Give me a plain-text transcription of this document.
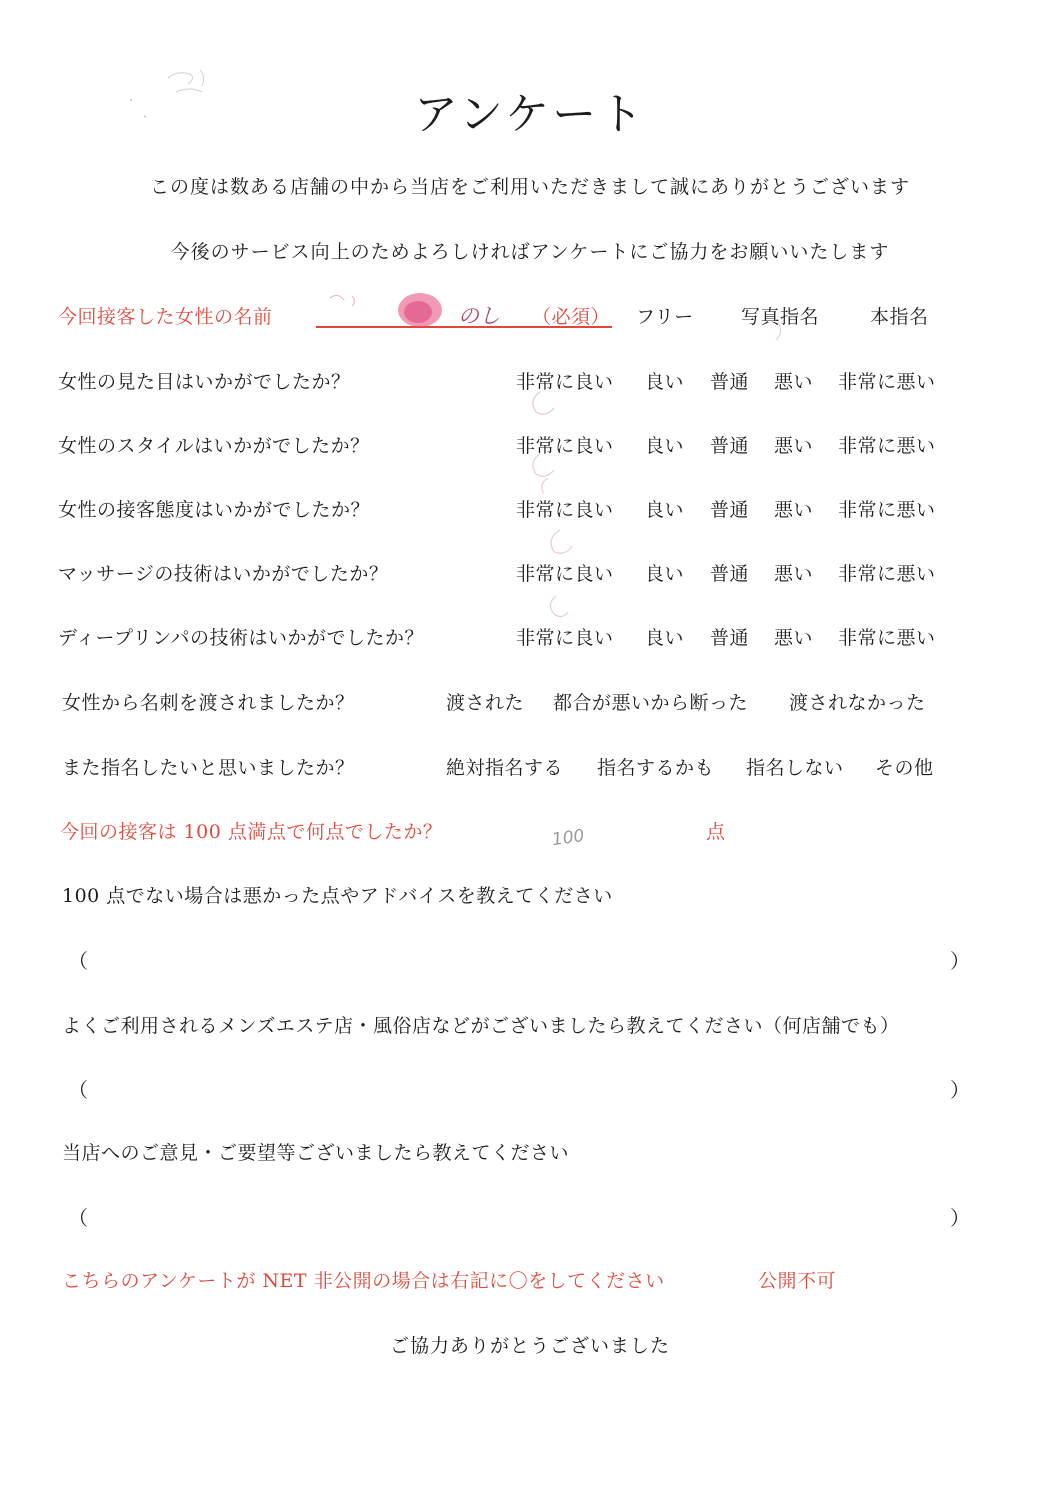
アンケート
この度は数ある店舗の中から当店をご利用いただきまして誠にありがとうございます
今後のサービス向上のためよろしければアンケートにご協力をお願いいたします
今回接客した女性の名前	のし （必須） フリー 写真指名	本指名
女性の見た目はいかがでしたか？	非常に良い 良い 普通 悪い 非常に悪い
女性のスタイルはいかがでしたか？	非常に良い 良い 普通 悪い 非常に悪い
女性の接客態度はいかがでしたか？	非常に良い 良い 普通 悪い 非常に悪い
マッサージの技術はいかがでしたか？	非常に良い 良い 普通 悪い 非常に悪い
ディープリンパの技術はいかがでしたか？	非常に良い 良い 普通 悪い 非常に悪い
女性から名刺を渡されましたか？	渡された 都合が悪いから断った 渡されなかった
また指名したいと思いましたか？	絶対指名する 指名するかも 指名しない その他
今回の接客は 100 点満点で何点でしたか？	100	点
100 点でない場合は悪かった点やアドバイスを教えてください
（	）
よくご利用されるメンズエステ店・風俗店などがございましたら教えてください（何店舗でも）
（	）
当店へのご意見・ご要望等ございましたら教えてください
（	）
こちらのアンケートが NET 非公開の場合は右記に〇をしてください	公開不可
ご協力ありがとうございました
